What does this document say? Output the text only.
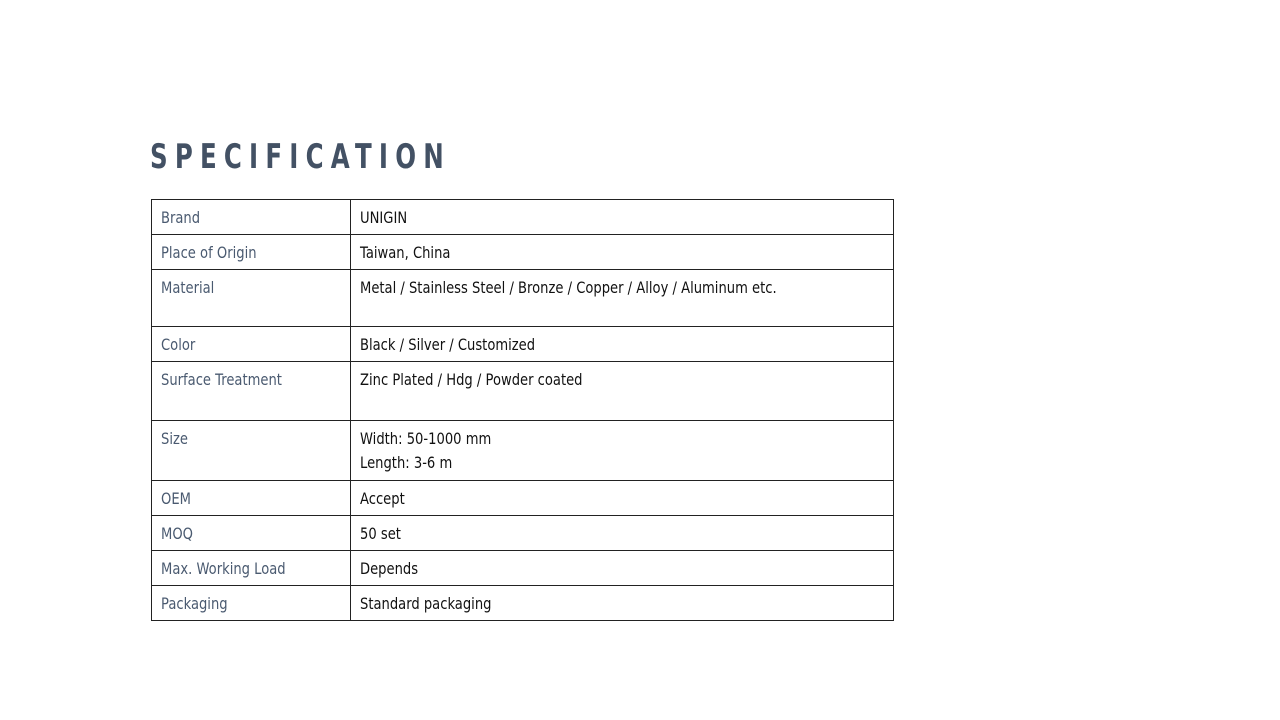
SPECIFICATION
Brand	UNIGIN

Place of Origin	Taiwan, China

Material	Metal / Stainless Steel / Bronze / Copper / Alloy / Aluminum etc.

Color	Black / Silver / Customized

Surface Treatment	Zinc Plated / Hdg / Powder coated

Size	Width: 50-1000 mm
Length: 3-6 m

OEM	Accept

MOQ	50 set

Max. Working Load	Depends

Packaging	Standard packaging
